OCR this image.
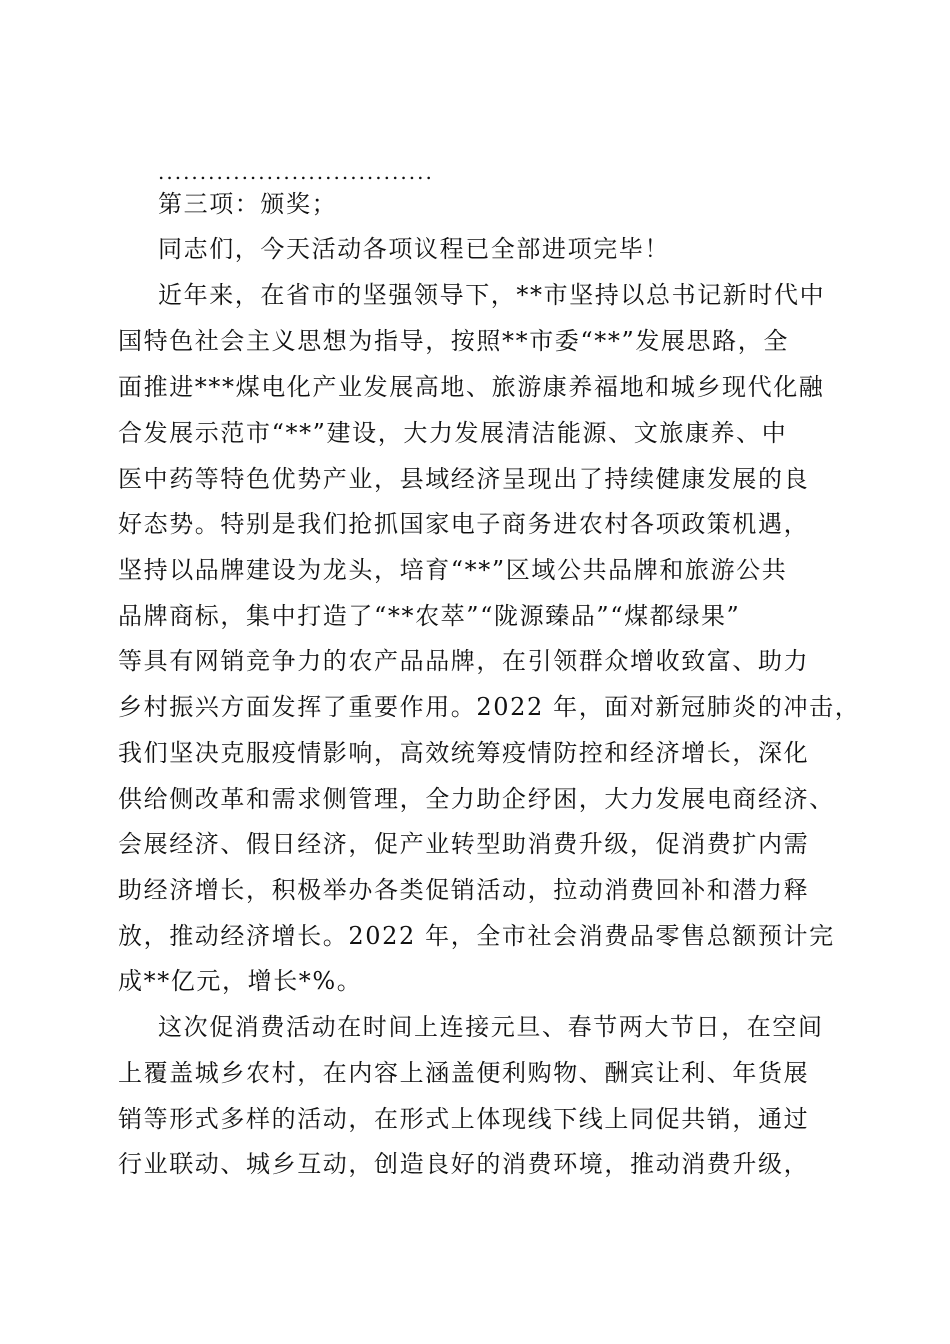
.................................
第三项：颁奖；
同志们，今天活动各项议程已全部进项完毕！
近年来，在省市的坚强领导下，**市坚持以总书记新时代中
国特色社会主义思想为指导，按照**市委“**”发展思路，全
面推进***煤电化产业发展高地、旅游康养福地和城乡现代化融
合发展示范市“**”建设，大力发展清洁能源、文旅康养、中
医中药等特色优势产业，县域经济呈现出了持续健康发展的良
好态势。特别是我们抢抓国家电子商务进农村各项政策机遇，
坚持以品牌建设为龙头，培育“**”区域公共品牌和旅游公共
品牌商标，集中打造了“**农萃”“陇源臻品”“煤都绿果”
等具有网销竞争力的农产品品牌，在引领群众增收致富、助力
乡村振兴方面发挥了重要作用。2022 年，面对新冠肺炎的冲击，
我们坚决克服疫情影响，高效统筹疫情防控和经济增长，深化
供给侧改革和需求侧管理，全力助企纾困，大力发展电商经济、
会展经济、假日经济，促产业转型助消费升级，促消费扩内需
助经济增长，积极举办各类促销活动，拉动消费回补和潜力释
放，推动经济增长。2022 年，全市社会消费品零售总额预计完
成**亿元，增长*%。
这次促消费活动在时间上连接元旦、春节两大节日，在空间
上覆盖城乡农村，在内容上涵盖便利购物、酬宾让利、年货展
销等形式多样的活动，在形式上体现线下线上同促共销，通过
行业联动、城乡互动，创造良好的消费环境，推动消费升级，
